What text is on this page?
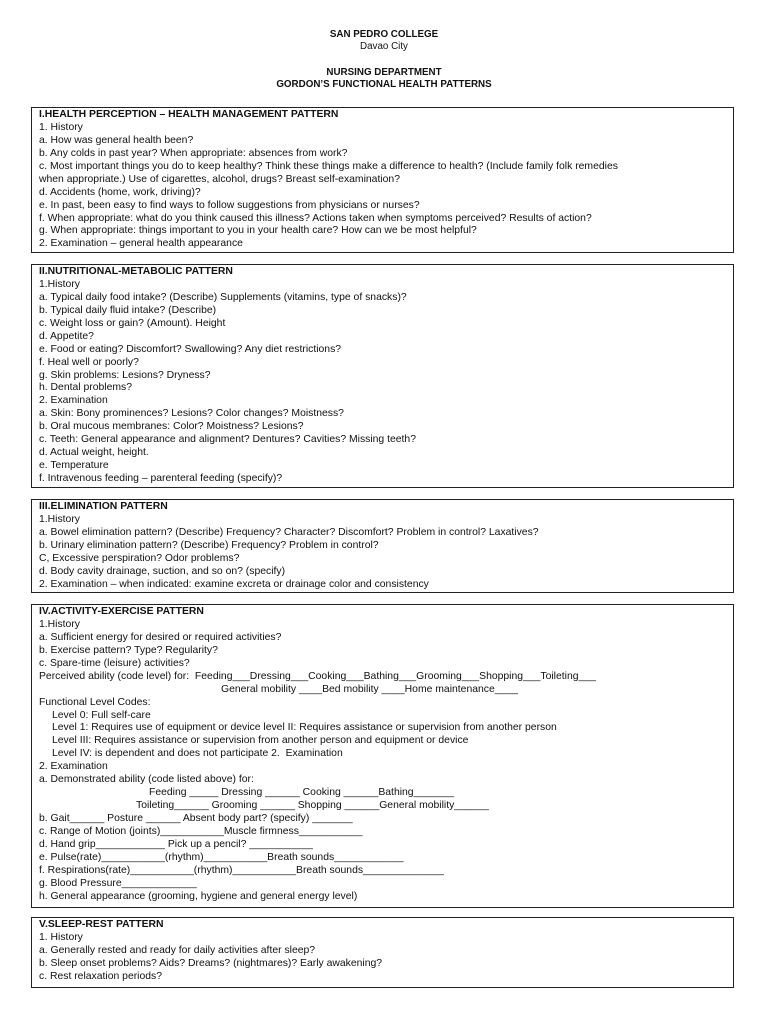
SAN PEDRO COLLEGE
Davao City
NURSING DEPARTMENT
GORDON’S FUNCTIONAL HEALTH PATTERNS
I.HEALTH PERCEPTION – HEALTH MANAGEMENT PATTERN
1. History
a. How was general health been?
b. Any colds in past year? When appropriate: absences from work?
c. Most important things you do to keep healthy? Think these things make a difference to health? (Include family folk remedies
when appropriate.) Use of cigarettes, alcohol, drugs? Breast self-examination?
d. Accidents (home, work, driving)?
e. In past, been easy to find ways to follow suggestions from physicians or nurses?
f. When appropriate: what do you think caused this illness? Actions taken when symptoms perceived? Results of action?
g. When appropriate: things important to you in your health care? How can we be most helpful?
2. Examination – general health appearance
II.NUTRITIONAL-METABOLIC PATTERN
1.History
a. Typical daily food intake? (Describe) Supplements (vitamins, type of snacks)?
b. Typical daily fluid intake? (Describe)
c. Weight loss or gain? (Amount). Height
d. Appetite?
e. Food or eating? Discomfort? Swallowing? Any diet restrictions?
f. Heal well or poorly?
g. Skin problems: Lesions? Dryness?
h. Dental problems?
2. Examination
a. Skin: Bony prominences? Lesions? Color changes? Moistness?
b. Oral mucous membranes: Color? Moistness? Lesions?
c. Teeth: General appearance and alignment? Dentures? Cavities? Missing teeth?
d. Actual weight, height.
e. Temperature
f. Intravenous feeding – parenteral feeding (specify)?
III.ELIMINATION PATTERN
1.History
a. Bowel elimination pattern? (Describe) Frequency? Character? Discomfort? Problem in control? Laxatives?
b. Urinary elimination pattern? (Describe) Frequency? Problem in control?
C, Excessive perspiration? Odor problems?
d. Body cavity drainage, suction, and so on? (specify)
2. Examination – when indicated: examine excreta or drainage color and consistency
IV.ACTIVITY-EXERCISE PATTERN
1.History
a. Sufficient energy for desired or required activities?
b. Exercise pattern? Type? Regularity?
c. Spare-time (leisure) activities?
Perceived ability (code level) for:  Feeding___Dressing___Cooking___Bathing___Grooming___Shopping___Toileting___
General mobility ____Bed mobility ____Home maintenance____
Functional Level Codes:
Level 0: Full self-care
Level 1: Requires use of equipment or device level II: Requires assistance or supervision from another person
Level III: Requires assistance or supervision from another person and equipment or device
Level IV: is dependent and does not participate 2.  Examination
2. Examination
a. Demonstrated ability (code listed above) for:
Feeding _____ Dressing ______ Cooking ______Bathing_______
Toileting______ Grooming ______ Shopping ______General mobility______
b. Gait______ Posture ______ Absent body part? (specify) _______
c. Range of Motion (joints)___________Muscle firmness___________
d. Hand grip____________ Pick up a pencil? ___________
e. Pulse(rate)___________(rhythm)___________Breath sounds____________
f. Respirations(rate)___________(rhythm)___________Breath sounds______________
g. Blood Pressure_____________
h. General appearance (grooming, hygiene and general energy level)
V.SLEEP-REST PATTERN
1. History
a. Generally rested and ready for daily activities after sleep?
b. Sleep onset problems? Aids? Dreams? (nightmares)? Early awakening?
c. Rest relaxation periods?
